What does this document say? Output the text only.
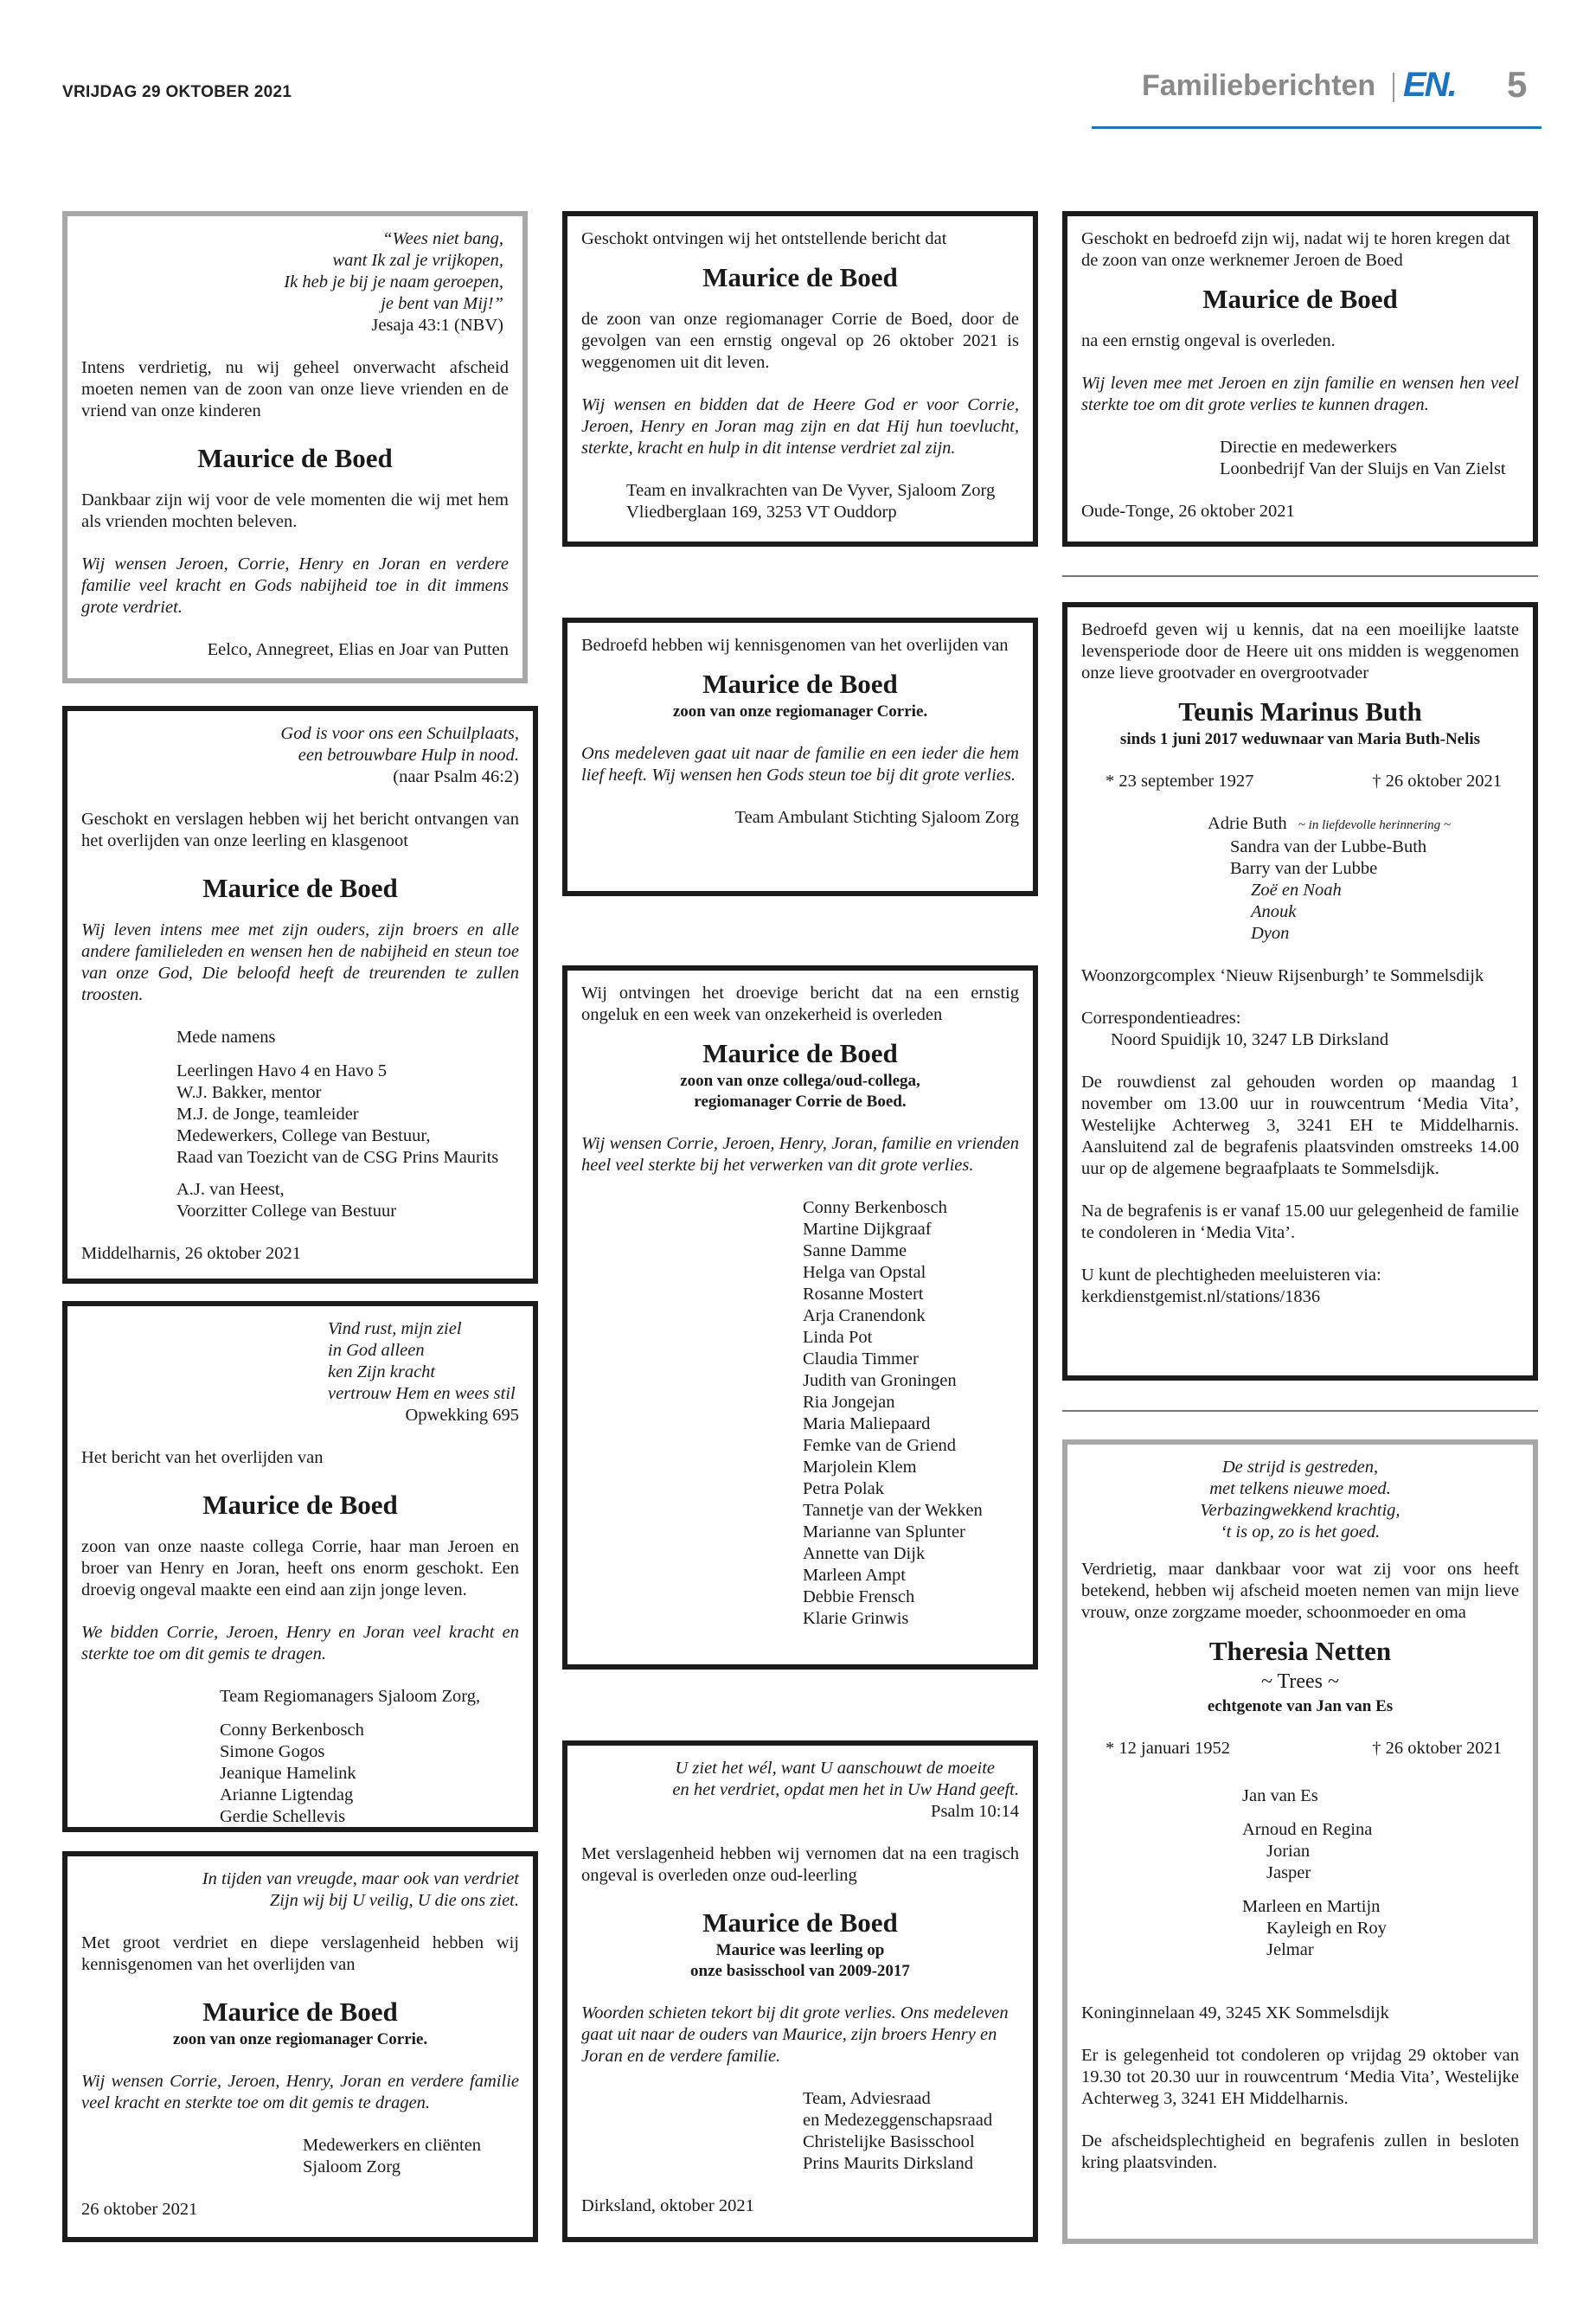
VRIJDAG 29 OKTOBER 2021	Familieberichten EN. 5
“Wees niet bang,
want Ik zal je vrijkopen,
Ik heb je bij je naam geroepen,
je bent van Mij!”
Jesaja 43:1 (NBV)
Intens verdrietig, nu wij geheel onverwacht afscheid moeten nemen van de zoon van onze lieve vrienden en de vriend van onze kinderen
Maurice de Boed
Dankbaar zijn wij voor de vele momenten die wij met hem als vrienden mochten beleven.
Wij wensen Jeroen, Corrie, Henry en Joran en verdere familie veel kracht en Gods nabijheid toe in dit immens grote verdriet.
Eelco, Annegreet, Elias en Joar van Putten
God is voor ons een Schuilplaats,
een betrouwbare Hulp in nood.
(naar Psalm 46:2)
Geschokt en verslagen hebben wij het bericht ontvangen van het overlijden van onze leerling en klasgenoot
Maurice de Boed
Wij leven intens mee met zijn ouders, zijn broers en alle andere familieleden en wensen hen de nabijheid en steun toe van onze God, Die beloofd heeft de treurenden te zullen troosten.
Mede namens
Leerlingen Havo 4 en Havo 5
W.J. Bakker, mentor
M.J. de Jonge, teamleider
Medewerkers, College van Bestuur,
Raad van Toezicht van de CSG Prins Maurits
A.J. van Heest,
Voorzitter College van Bestuur
Middelharnis, 26 oktober 2021
Vind rust, mijn ziel
in God alleen
ken Zijn kracht
vertrouw Hem en wees stil
Opwekking 695
Het bericht van het overlijden van
Maurice de Boed
zoon van onze naaste collega Corrie, haar man Jeroen en broer van Henry en Joran, heeft ons enorm geschokt. Een droevig ongeval maakte een eind aan zijn jonge leven.
We bidden Corrie, Jeroen, Henry en Joran veel kracht en sterkte toe om dit gemis te dragen.
Team Regiomanagers Sjaloom Zorg,
Conny Berkenbosch
Simone Gogos
Jeanique Hamelink
Arianne Ligtendag
Gerdie Schellevis
In tijden van vreugde, maar ook van verdriet
Zijn wij bij U veilig, U die ons ziet.
Met groot verdriet en diepe verslagenheid hebben wij kennisgenomen van het overlijden van
Maurice de Boed
zoon van onze regiomanager Corrie.
Wij wensen Corrie, Jeroen, Henry, Joran en verdere familie veel kracht en sterkte toe om dit gemis te dragen.
Medewerkers en cliënten
Sjaloom Zorg
26 oktober 2021
Geschokt ontvingen wij het ontstellende bericht dat
Maurice de Boed
de zoon van onze regiomanager Corrie de Boed, door de gevolgen van een ernstig ongeval op 26 oktober 2021 is weggenomen uit dit leven.
Wij wensen en bidden dat de Heere God er voor Corrie, Jeroen, Henry en Joran mag zijn en dat Hij hun toevlucht, sterkte, kracht en hulp in dit intense verdriet zal zijn.
Team en invalkrachten van De Vyver, Sjaloom Zorg
Vliedberglaan 169, 3253 VT Ouddorp
Bedroefd hebben wij kennisgenomen van het overlijden van
Maurice de Boed
zoon van onze regiomanager Corrie.
Ons medeleven gaat uit naar de familie en een ieder die hem lief heeft. Wij wensen hen Gods steun toe bij dit grote verlies.
Team Ambulant Stichting Sjaloom Zorg
Wij ontvingen het droevige bericht dat na een ernstig ongeluk en een week van onzekerheid is overleden
Maurice de Boed
zoon van onze collega/oud-collega,
regiomanager Corrie de Boed.
Wij wensen Corrie, Jeroen, Henry, Joran, familie en vrienden heel veel sterkte bij het verwerken van dit grote verlies.
Conny Berkenbosch
Martine Dijkgraaf
Sanne Damme
Helga van Opstal
Rosanne Mostert
Arja Cranendonk
Linda Pot
Claudia Timmer
Judith van Groningen
Ria Jongejan
Maria Maliepaard
Femke van de Griend
Marjolein Klem
Petra Polak
Tannetje van der Wekken
Marianne van Splunter
Annette van Dijk
Marleen Ampt
Debbie Frensch
Klarie Grinwis
U ziet het wél, want U aanschouwt de moeite
en het verdriet, opdat men het in Uw Hand geeft.
Psalm 10:14
Met verslagenheid hebben wij vernomen dat na een tragisch ongeval is overleden onze oud-leerling
Maurice de Boed
Maurice was leerling op
onze basisschool van 2009-2017
Woorden schieten tekort bij dit grote verlies. Ons medeleven gaat uit naar de ouders van Maurice, zijn broers Henry en Joran en de verdere familie.
Team, Adviesraad
en Medezeggenschapsraad
Christelijke Basisschool
Prins Maurits Dirksland
Dirksland, oktober 2021
Geschokt en bedroefd zijn wij, nadat wij te horen kregen dat de zoon van onze werknemer Jeroen de Boed
Maurice de Boed
na een ernstig ongeval is overleden.
Wij leven mee met Jeroen en zijn familie en wensen hen veel sterkte toe om dit grote verlies te kunnen dragen.
Directie en medewerkers
Loonbedrijf Van der Sluijs en Van Zielst
Oude-Tonge, 26 oktober 2021
Bedroefd geven wij u kennis, dat na een moeilijke laatste levensperiode door de Heere uit ons midden is weggenomen onze lieve grootvader en overgrootvader
Teunis Marinus Buth
sinds 1 juni 2017 weduwnaar van Maria Buth-Nelis
* 23 september 1927	† 26 oktober 2021
Adrie Buth ~ in liefdevolle herinnering ~
Sandra van der Lubbe-Buth
Barry van der Lubbe
Zoë en Noah
Anouk
Dyon
Woonzorgcomplex ‘Nieuw Rijsenburgh’ te Sommelsdijk
Correspondentieadres:
Noord Spuidijk 10, 3247 LB Dirksland
De rouwdienst zal gehouden worden op maandag 1 november om 13.00 uur in rouwcentrum ‘Media Vita’, Westelijke Achterweg 3, 3241 EH te Middelharnis. Aansluitend zal de begrafenis plaatsvinden omstreeks 14.00 uur op de algemene begraafplaats te Sommelsdijk.
Na de begrafenis is er vanaf 15.00 uur gelegenheid de familie te condoleren in ‘Media Vita’.
U kunt de plechtigheden meeluisteren via:
kerkdienstgemist.nl/stations/1836
De strijd is gestreden,
met telkens nieuwe moed.
Verbazingwekkend krachtig,
‘t is op, zo is het goed.
Verdrietig, maar dankbaar voor wat zij voor ons heeft betekend, hebben wij afscheid moeten nemen van mijn lieve vrouw, onze zorgzame moeder, schoonmoeder en oma
Theresia Netten
~ Trees ~
echtgenote van Jan van Es
* 12 januari 1952	† 26 oktober 2021
Jan van Es
Arnoud en Regina
Jorian
Jasper
Marleen en Martijn
Kayleigh en Roy
Jelmar
Koninginnelaan 49, 3245 XK Sommelsdijk
Er is gelegenheid tot condoleren op vrijdag 29 oktober van 19.30 tot 20.30 uur in rouwcentrum ‘Media Vita’, Westelijke Achterweg 3, 3241 EH Middelharnis.
De afscheidsplechtigheid en begrafenis zullen in besloten kring plaatsvinden.
